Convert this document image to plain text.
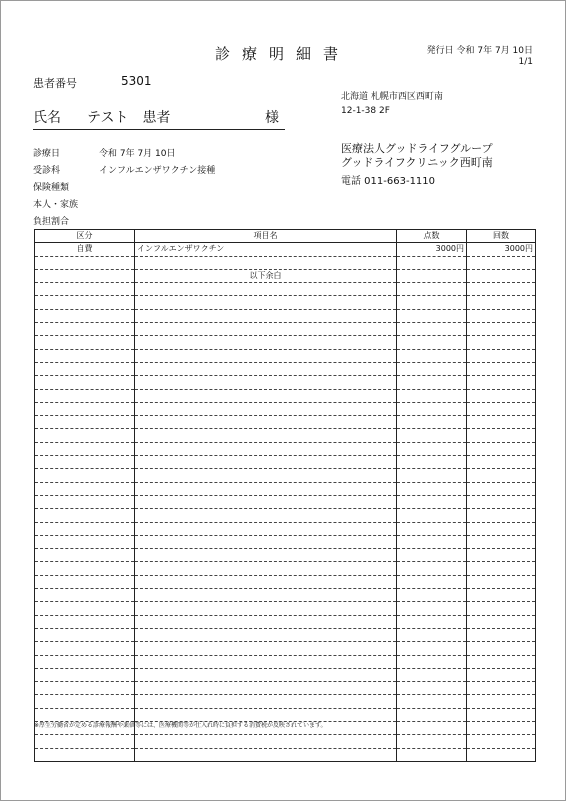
診療明細書	発行日 令和 7年 7月 10日
1/1
患者番号	5301
氏名 テスト　患者	様
診療日	令和 7年 7月 10日
受診科	インフルエンザワクチン接種
保険種類
本人・家族
負担割合
北海道 札幌市西区西町南
12-1-38 2F
医療法人グッドライフグループ
グッドライフクリニック西町南
電話 011-663-1110
区分	項目名	点数	回数
自費	インフルエンザワクチン	3000円	3000円

	以下余白		

※厚生労働省が定める診療報酬や薬価等には、医療機関等が仕入れ時に負担する消費税が反映されています。
